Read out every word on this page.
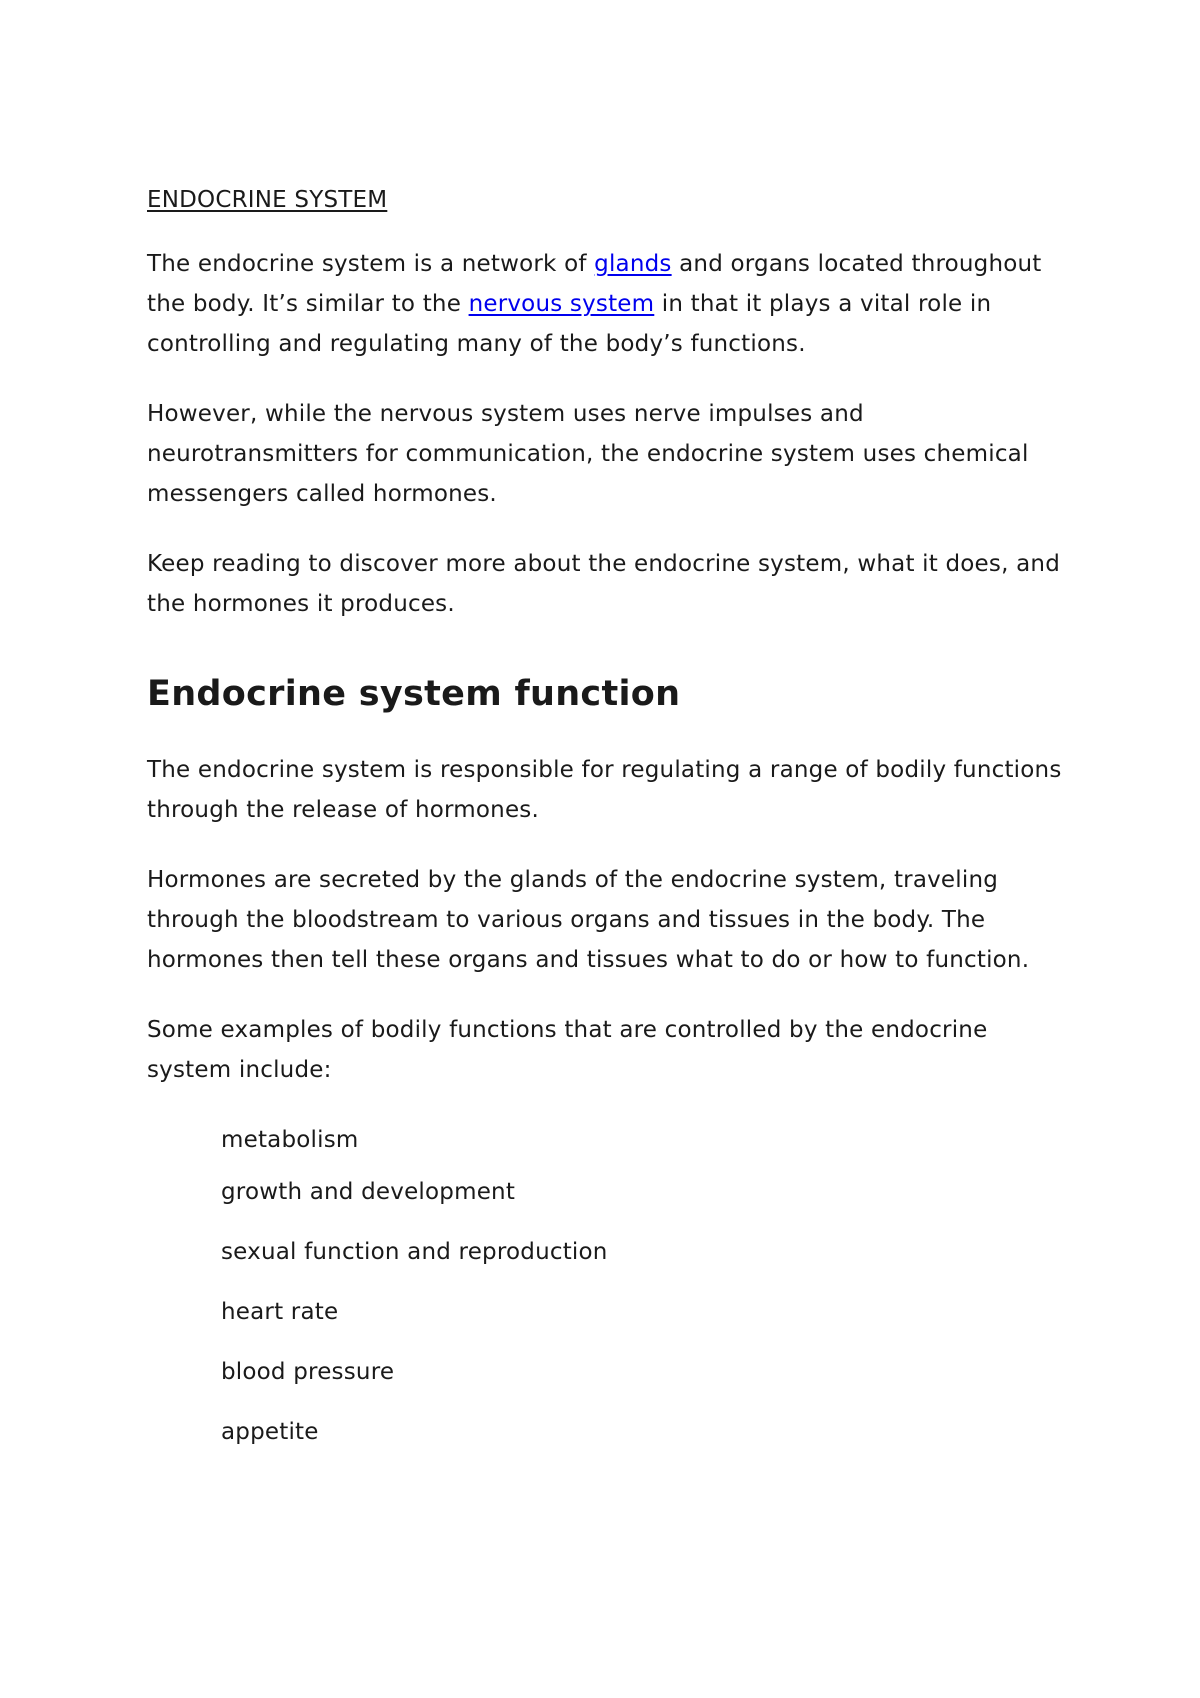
ENDOCRINE SYSTEM

The endocrine system is a network of glands and organs located throughout the body. It’s similar to the nervous system in that it plays a vital role in controlling and regulating many of the body’s functions.

However, while the nervous system uses nerve impulses and neurotransmitters for communication, the endocrine system uses chemical messengers called hormones.

Keep reading to discover more about the endocrine system, what it does, and the hormones it produces.

Endocrine system function

The endocrine system is responsible for regulating a range of bodily functions through the release of hormones.

Hormones are secreted by the glands of the endocrine system, traveling through the bloodstream to various organs and tissues in the body. The hormones then tell these organs and tissues what to do or how to function.

Some examples of bodily functions that are controlled by the endocrine system include:

metabolism
growth and development
sexual function and reproduction
heart rate
blood pressure
appetite
